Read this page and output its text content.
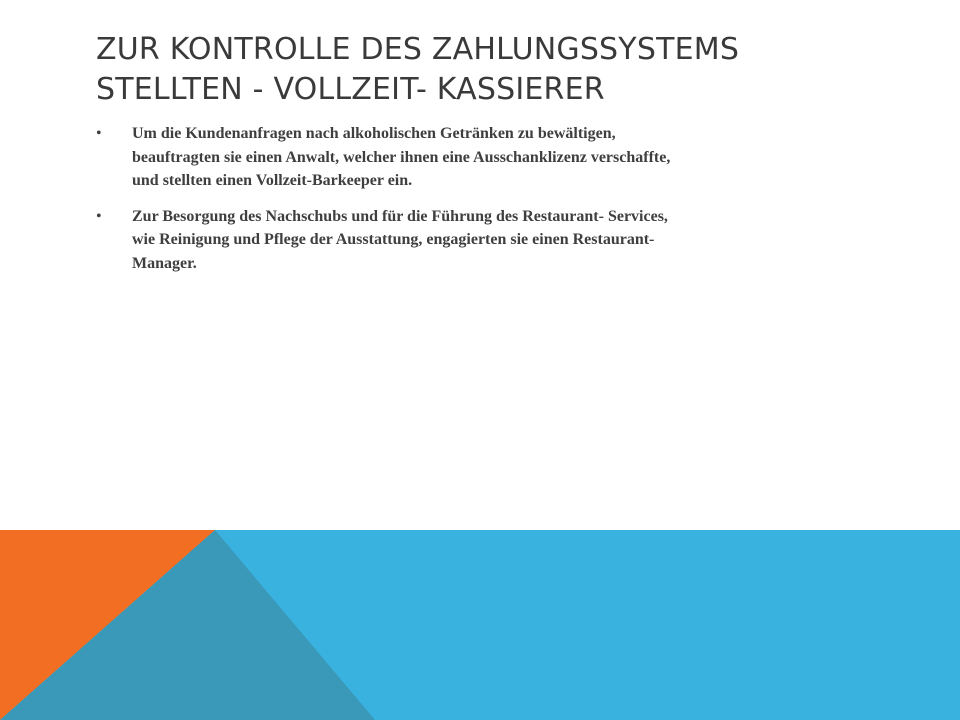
ZUR KONTROLLE DES ZAHLUNGSSYSTEMS
STELLTEN - VOLLZEIT- KASSIERER
• Um die Kundenanfragen nach alkoholischen Getränken zu bewältigen,
beauftragten sie einen Anwalt, welcher ihnen eine Ausschanklizenz verschaffte,
und stellten einen Vollzeit-Barkeeper ein.
• Zur Besorgung des Nachschubs und für die Führung des Restaurant- Services,
wie Reinigung und Pflege der Ausstattung, engagierten sie einen Restaurant-
Manager.
